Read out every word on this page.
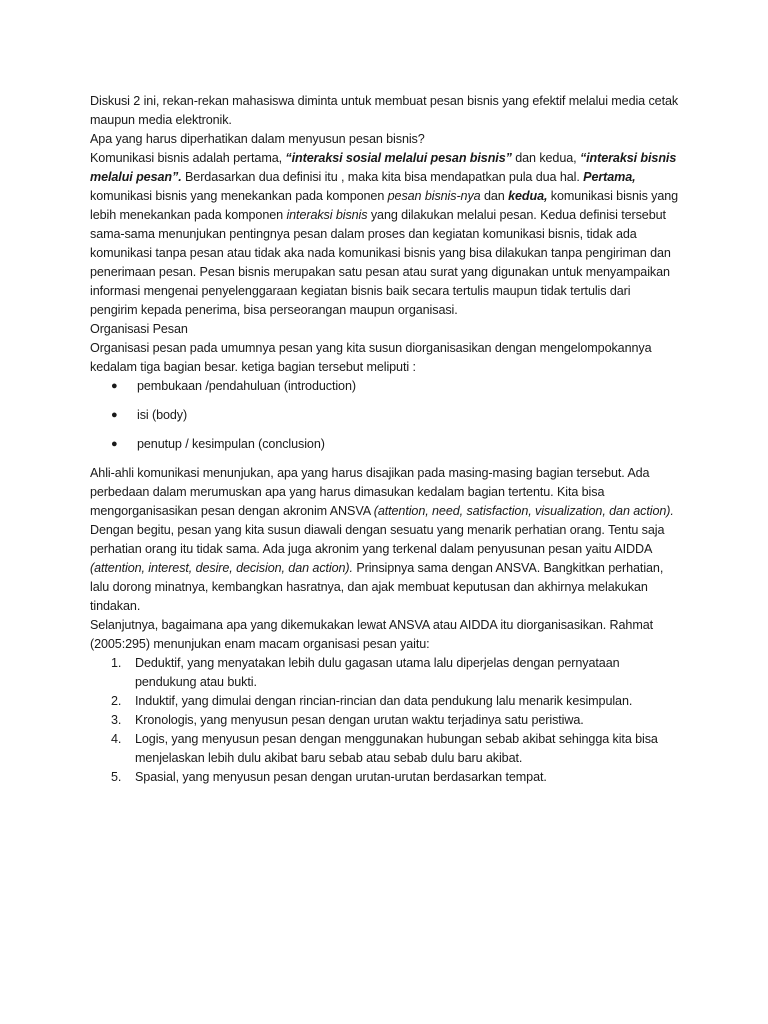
Diskusi 2 ini, rekan-rekan mahasiswa diminta untuk membuat pesan bisnis yang efektif melalui media cetak maupun media elektronik.

Apa yang harus diperhatikan dalam menyusun pesan bisnis?

Komunikasi bisnis adalah pertama, “interaksi sosial melalui pesan bisnis” dan kedua, “interaksi bisnis melalui pesan”. Berdasarkan dua definisi itu , maka kita bisa mendapatkan pula dua hal. Pertama, komunikasi bisnis yang menekankan pada komponen pesan bisnis-nya dan kedua, komunikasi bisnis yang lebih menekankan pada komponen interaksi bisnis yang dilakukan melalui pesan. Kedua definisi tersebut sama-sama menunjukan pentingnya pesan dalam proses dan kegiatan komunikasi bisnis, tidak ada komunikasi tanpa pesan atau tidak aka nada komunikasi bisnis yang bisa dilakukan tanpa pengiriman dan penerimaan pesan. Pesan bisnis merupakan satu pesan atau surat yang digunakan untuk menyampaikan informasi mengenai penyelenggaraan kegiatan bisnis baik secara tertulis maupun tidak tertulis dari pengirim kepada penerima, bisa perseorangan maupun organisasi.

Organisasi Pesan

Organisasi pesan pada umumnya pesan yang kita susun diorganisasikan dengan mengelompokannya kedalam tiga bagian besar. ketiga bagian tersebut meliputi :

● pembukaan /pendahuluan (introduction)
● isi (body)
● penutup / kesimpulan (conclusion)

Ahli-ahli komunikasi menunjukan, apa yang harus disajikan pada masing-masing bagian tersebut. Ada perbedaan dalam merumuskan apa yang harus dimasukan kedalam bagian tertentu. Kita bisa mengorganisasikan pesan dengan akronim ANSVA (attention, need, satisfaction, visualization, dan action). Dengan begitu, pesan yang kita susun diawali dengan sesuatu yang menarik perhatian orang. Tentu saja perhatian orang itu tidak sama. Ada juga akronim yang terkenal dalam penyusunan pesan yaitu AIDDA (attention, interest, desire, decision, dan action). Prinsipnya sama dengan ANSVA. Bangkitkan perhatian, lalu dorong minatnya, kembangkan hasratnya, dan ajak membuat keputusan dan akhirnya melakukan tindakan.

Selanjutnya, bagaimana apa yang dikemukakan lewat ANSVA atau AIDDA itu diorganisasikan. Rahmat (2005:295) menunjukan enam macam organisasi pesan yaitu:

1. Deduktif, yang menyatakan lebih dulu gagasan utama lalu diperjelas dengan pernyataan pendukung atau bukti.
2. Induktif, yang dimulai dengan rincian-rincian dan data pendukung lalu menarik kesimpulan.
3. Kronologis, yang menyusun pesan dengan urutan waktu terjadinya satu peristiwa.
4. Logis, yang menyusun pesan dengan menggunakan hubungan sebab akibat sehingga kita bisa menjelaskan lebih dulu akibat baru sebab atau sebab dulu baru akibat.
5. Spasial, yang menyusun pesan dengan urutan-urutan berdasarkan tempat.
